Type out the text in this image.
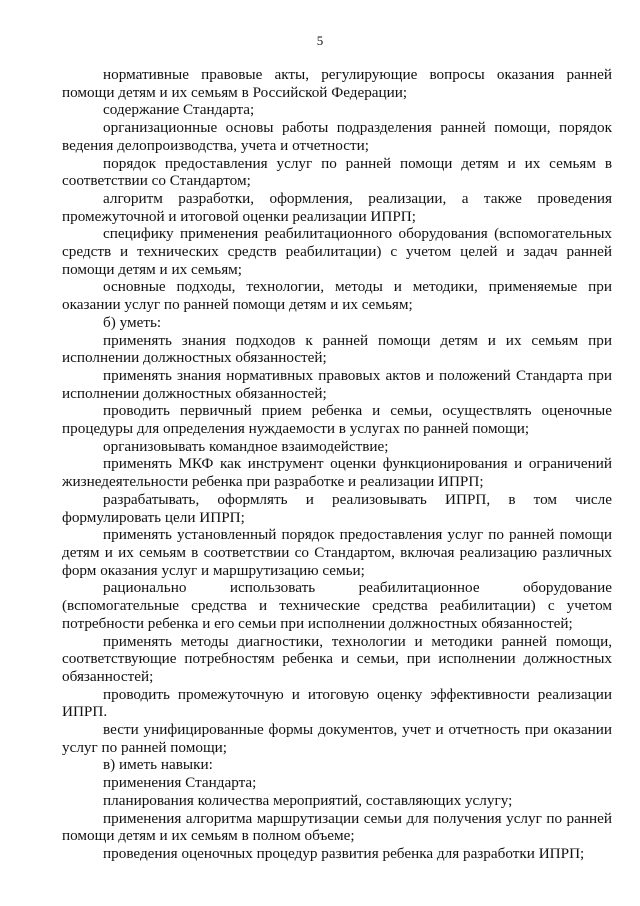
5

нормативные правовые акты, регулирующие вопросы оказания ранней помощи детям и их семьям в Российской Федерации;

содержание Стандарта;

организационные основы работы подразделения ранней помощи, порядок ведения делопроизводства, учета и отчетности;

порядок предоставления услуг по ранней помощи детям и их семьям в соответствии со Стандартом;

алгоритм разработки, оформления, реализации, а также проведения промежуточной и итоговой оценки реализации ИПРП;

специфику применения реабилитационного оборудования (вспомогательных средств и технических средств реабилитации) с учетом целей и задач ранней помощи детям и их семьям;

основные подходы, технологии, методы и методики, применяемые при оказании услуг по ранней помощи детям и их семьям;

б) уметь:

применять знания подходов к ранней помощи детям и их семьям при исполнении должностных обязанностей;

применять знания нормативных правовых актов и положений Стандарта при исполнении должностных обязанностей;

проводить первичный прием ребенка и семьи, осуществлять оценочные процедуры для определения нуждаемости в услугах по ранней помощи;

организовывать командное взаимодействие;

применять МКФ как инструмент оценки функционирования и ограничений жизнедеятельности ребенка при разработке и реализации ИПРП;

разрабатывать, оформлять и реализовывать ИПРП, в том числе формулировать цели ИПРП;

применять установленный порядок предоставления услуг по ранней помощи детям и их семьям в соответствии со Стандартом, включая реализацию различных форм оказания услуг и маршрутизацию семьи;

рационально использовать реабилитационное оборудование (вспомогательные средства и технические средства реабилитации) с учетом потребности ребенка и его семьи при исполнении должностных обязанностей;

применять методы диагностики, технологии и методики ранней помощи, соответствующие потребностям ребенка и семьи, при исполнении должностных обязанностей;

проводить промежуточную и итоговую оценку эффективности реализации ИПРП.

вести унифицированные формы документов, учет и отчетность при оказании услуг по ранней помощи;

в) иметь навыки:

применения Стандарта;

планирования количества мероприятий, составляющих услугу;

применения алгоритма маршрутизации семьи для получения услуг по ранней помощи детям и их семьям в полном объеме;

проведения оценочных процедур развития ребенка для разработки ИПРП;
